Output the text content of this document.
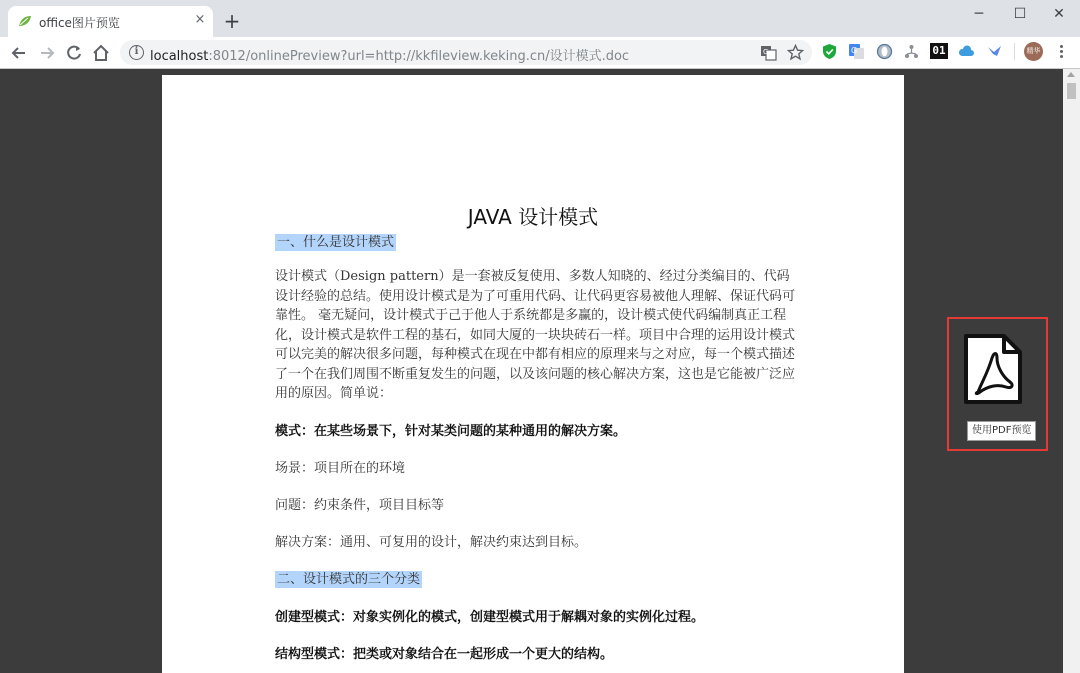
office图片预览	× +	─	☐	✕
i localhost:8012/onlinePreview?url=http://kkfileview.keking.cn/设计模式.doc	G	G	01	精华
JAVA 设计模式
一、什么是设计模式
设计模式（Design pattern）是一套被反复使用、多数人知晓的、经过分类编目的、代码设计经验的总结。使用设计模式是为了可重用代码、让代码更容易被他人理解、保证代码可靠性。 毫无疑问，设计模式于己于他人于系统都是多赢的，设计模式使代码编制真正工程化，设计模式是软件工程的基石，如同大厦的一块块砖石一样。项目中合理的运用设计模式可以完美的解决很多问题，每种模式在现在中都有相应的原理来与之对应，每一个模式描述了一个在我们周围不断重复发生的问题，以及该问题的核心解决方案，这也是它能被广泛应用的原因。简单说：
模式：在某些场景下，针对某类问题的某种通用的解决方案。
场景：项目所在的环境
问题：约束条件，项目目标等
解决方案：通用、可复用的设计，解决约束达到目标。
二、设计模式的三个分类
创建型模式：对象实例化的模式，创建型模式用于解耦对象的实例化过程。
结构型模式：把类或对象结合在一起形成一个更大的结构。
使用PDF预览
